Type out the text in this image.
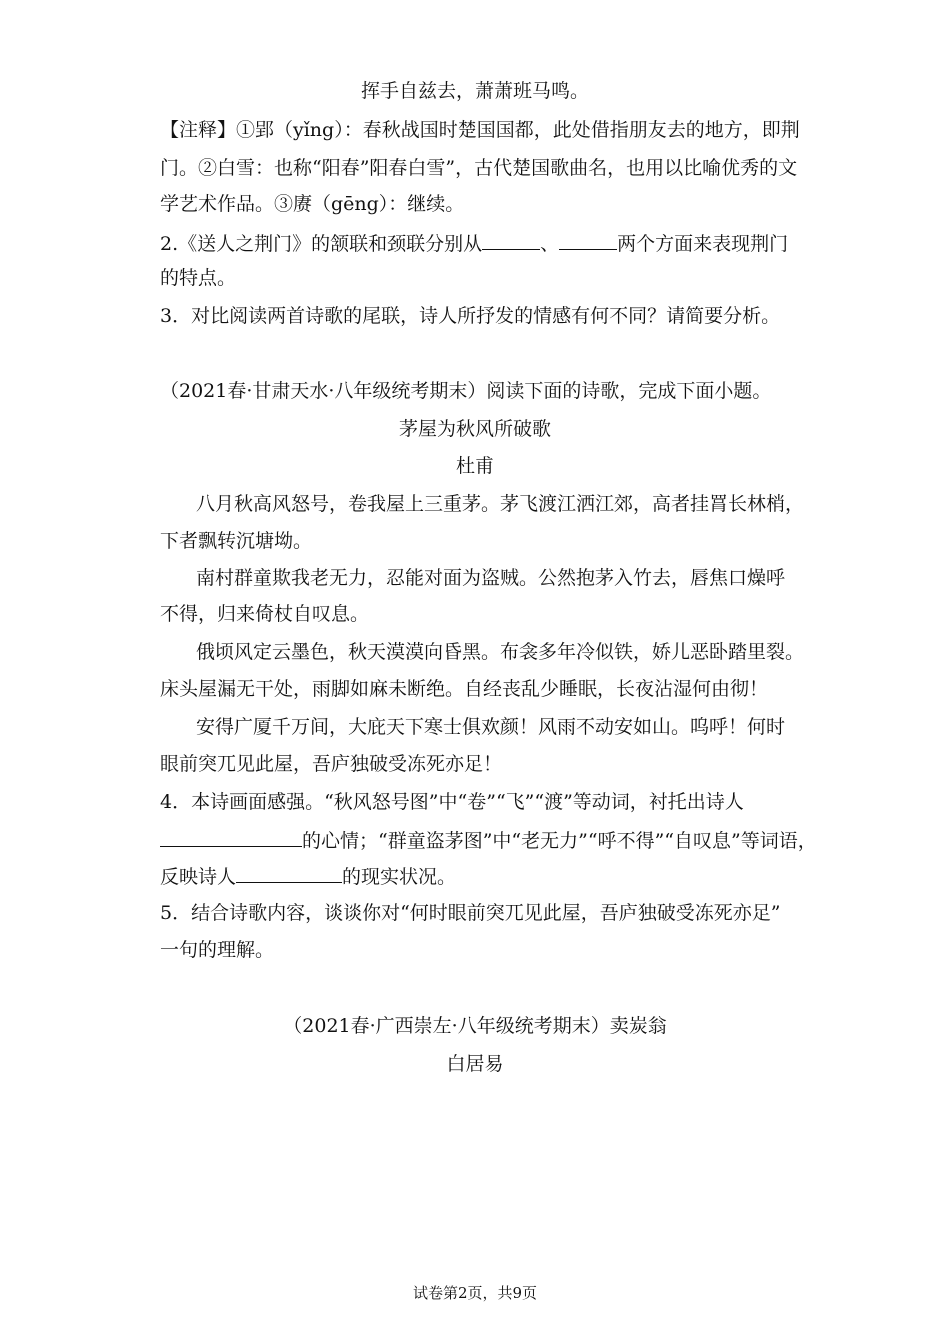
挥手自兹去，萧萧班马鸣。
【注释】①郢（yǐng）：春秋战国时楚国国都，此处借指朋友去的地方，即荆
门。②白雪：也称“阳春”阳春白雪”，古代楚国歌曲名，也用以比喻优秀的文
学艺术作品。③赓（gēng）：继续。
2.《送人之荆门》的颔联和颈联分别从	、	两个方面来表现荆门
的特点。
3．对比阅读两首诗歌的尾联，诗人所抒发的情感有何不同？请简要分析。
（2021春·甘肃天水·八年级统考期末）阅读下面的诗歌，完成下面小题。
茅屋为秋风所破歌
杜甫
八月秋高风怒号，卷我屋上三重茅。茅飞渡江洒江郊，高者挂罥长林梢，
下者飘转沉塘坳。
南村群童欺我老无力，忍能对面为盗贼。公然抱茅入竹去，唇焦口燥呼
不得，归来倚杖自叹息。
俄顷风定云墨色，秋天漠漠向昏黑。布衾多年冷似铁，娇儿恶卧踏里裂。
床头屋漏无干处，雨脚如麻未断绝。自经丧乱少睡眠，长夜沾湿何由彻！
安得广厦千万间，大庇天下寒士俱欢颜！风雨不动安如山。呜呼！何时
眼前突兀见此屋，吾庐独破受冻死亦足！
4．本诗画面感强。“秋风怒号图”中“卷”“飞”“渡”等动词，衬托出诗人
的心情；“群童盗茅图”中“老无力”“呼不得”“自叹息”等词语，
反映诗人	的现实状况。
5．结合诗歌内容，谈谈你对“何时眼前突兀见此屋，吾庐独破受冻死亦足”
一句的理解。
（2021春·广西崇左·八年级统考期末）卖炭翁
白居易
试卷第2页，共9页
